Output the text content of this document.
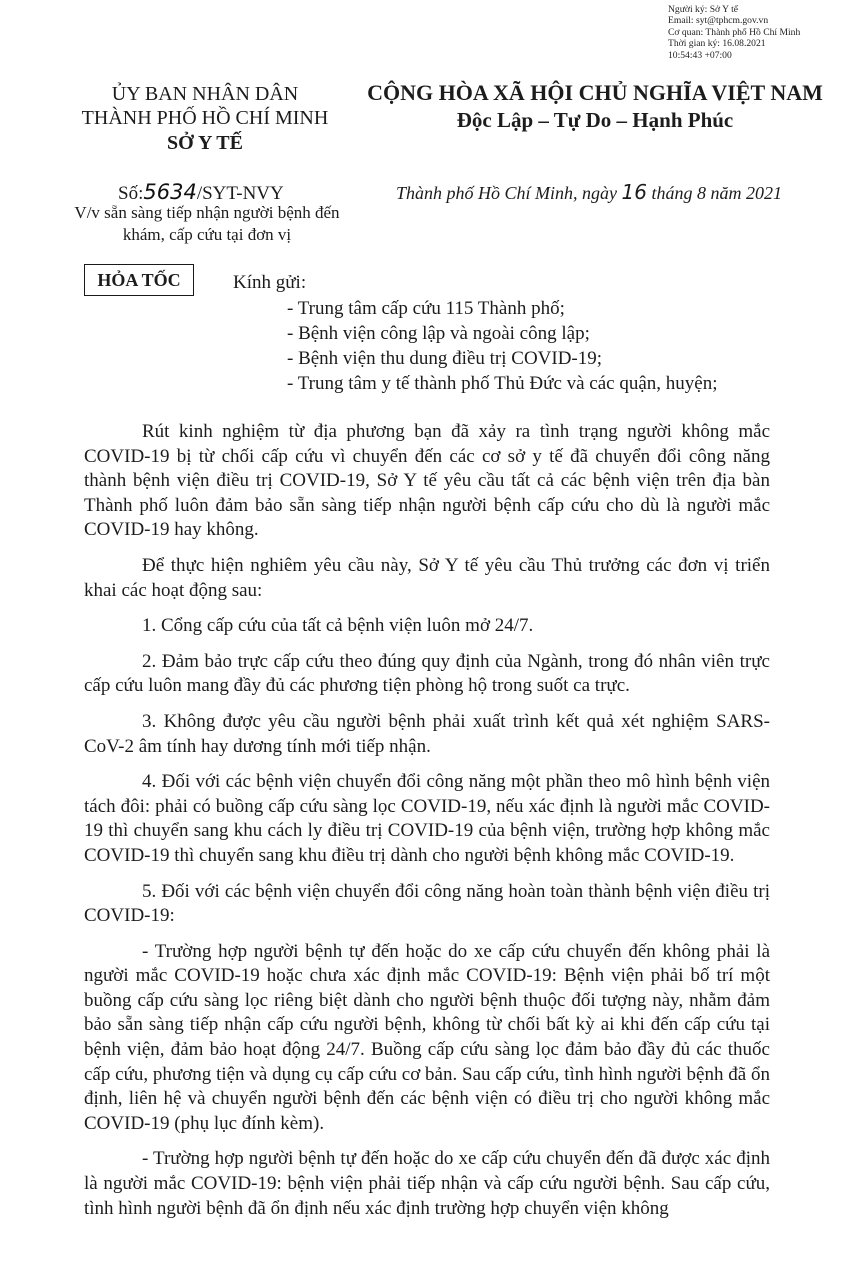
Người ký: Sở Y tế
Email: syt@tphcm.gov.vn
Cơ quan: Thành phố Hồ Chí Minh
Thời gian ký: 16.08.2021
10:54:43 +07:00
ỦY BAN NHÂN DÂN
THÀNH PHỐ HỒ CHÍ MINH
SỞ Y TẾ
CỘNG HÒA XÃ HỘI CHỦ NGHĨA VIỆT NAM
Độc Lập – Tự Do – Hạnh Phúc
Số:5634/SYT-NVY
V/v sẵn sàng tiếp nhận người bệnh đến
khám, cấp cứu tại đơn vị
Thành phố Hồ Chí Minh, ngày 16 tháng 8 năm 2021
HỎA TỐC	Kính gửi:
- Trung tâm cấp cứu 115 Thành phố;
- Bệnh viện công lập và ngoài công lập;
- Bệnh viện thu dung điều trị COVID-19;
- Trung tâm y tế thành phố Thủ Đức và các quận, huyện;

Rút kinh nghiệm từ địa phương bạn đã xảy ra tình trạng người không mắc COVID-19 bị từ chối cấp cứu vì chuyển đến các cơ sở y tế đã chuyển đổi công năng thành bệnh viện điều trị COVID-19, Sở Y tế yêu cầu tất cả các bệnh viện trên địa bàn Thành phố luôn đảm bảo sẵn sàng tiếp nhận người bệnh cấp cứu cho dù là người mắc COVID-19 hay không.

Để thực hiện nghiêm yêu cầu này, Sở Y tế yêu cầu Thủ trưởng các đơn vị triển khai các hoạt động sau:

1. Cổng cấp cứu của tất cả bệnh viện luôn mở 24/7.

2. Đảm bảo trực cấp cứu theo đúng quy định của Ngành, trong đó nhân viên trực cấp cứu luôn mang đầy đủ các phương tiện phòng hộ trong suốt ca trực.

3. Không được yêu cầu người bệnh phải xuất trình kết quả xét nghiệm SARS-CoV-2 âm tính hay dương tính mới tiếp nhận.

4. Đối với các bệnh viện chuyển đổi công năng một phần theo mô hình bệnh viện tách đôi: phải có buồng cấp cứu sàng lọc COVID-19, nếu xác định là người mắc COVID-19 thì chuyển sang khu cách ly điều trị COVID-19 của bệnh viện, trường hợp không mắc COVID-19 thì chuyển sang khu điều trị dành cho người bệnh không mắc COVID-19.

5. Đối với các bệnh viện chuyển đổi công năng hoàn toàn thành bệnh viện điều trị COVID-19:

- Trường hợp người bệnh tự đến hoặc do xe cấp cứu chuyển đến không phải là người mắc COVID-19 hoặc chưa xác định mắc COVID-19: Bệnh viện phải bố trí một buồng cấp cứu sàng lọc riêng biệt dành cho người bệnh thuộc đối tượng này, nhằm đảm bảo sẵn sàng tiếp nhận cấp cứu người bệnh, không từ chối bất kỳ ai khi đến cấp cứu tại bệnh viện, đảm bảo hoạt động 24/7. Buồng cấp cứu sàng lọc đảm bảo đầy đủ các thuốc cấp cứu, phương tiện và dụng cụ cấp cứu cơ bản. Sau cấp cứu, tình hình người bệnh đã ổn định, liên hệ và chuyển người bệnh đến các bệnh viện có điều trị cho người không mắc COVID-19 (phụ lục đính kèm).

- Trường hợp người bệnh tự đến hoặc do xe cấp cứu chuyển đến đã được xác định là người mắc COVID-19: bệnh viện phải tiếp nhận và cấp cứu người bệnh. Sau cấp cứu, tình hình người bệnh đã ổn định nếu xác định trường hợp chuyển viện không
